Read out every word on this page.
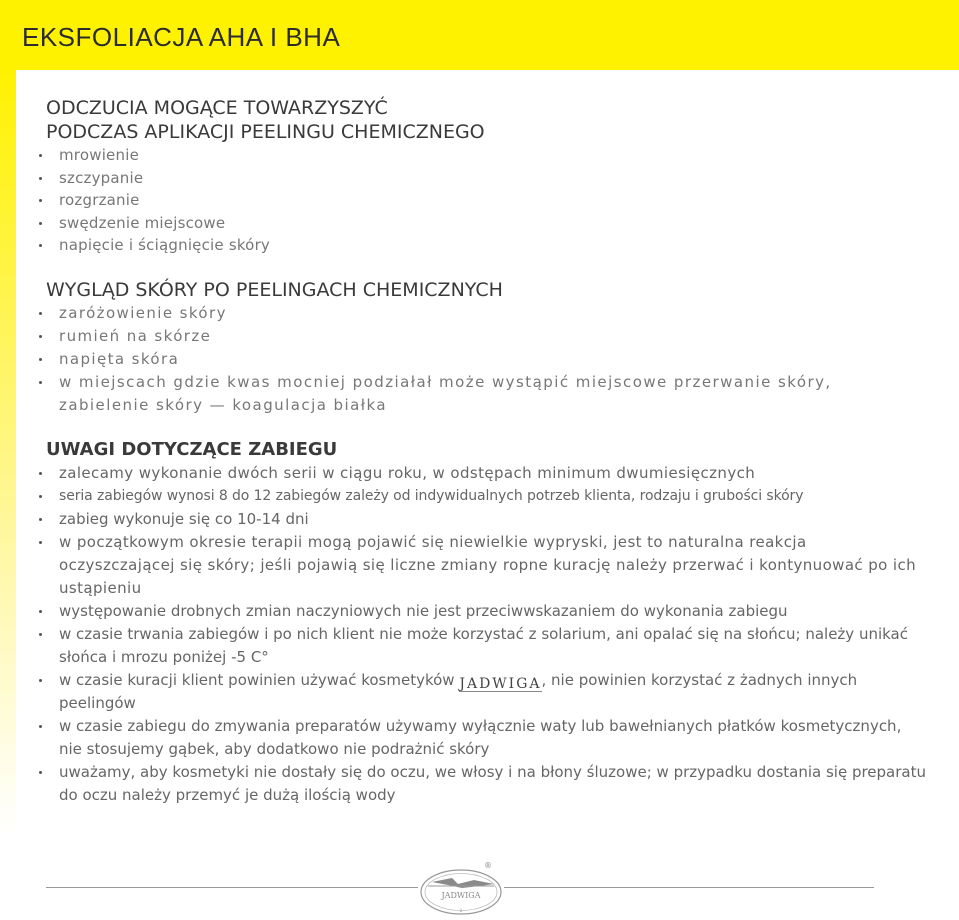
EKSFOLIACJA AHA I BHA
ODCZUCIA MOGĄCE TOWARZYSZYĆ
PODCZAS APLIKACJI PEELINGU CHEMICZNEGO
mrowienie
szczypanie
rozgrzanie
swędzenie miejscowe
napięcie i ściągnięcie skóry
WYGLĄD SKÓRY PO PEELINGACH CHEMICZNYCH
zaróżowienie skóry
rumień na skórze
napięta skóra
w miejscach gdzie kwas mocniej podziałał może wystąpić miejscowe przerwanie skóry, zabielenie skóry — koagulacja białka
UWAGI DOTYCZĄCE ZABIEGU
zalecamy wykonanie dwóch serii w ciągu roku, w odstępach minimum dwumiesięcznych
seria zabiegów wynosi 8 do 12 zabiegów zależy od indywidualnych potrzeb klienta, rodzaju i grubości skóry
zabieg wykonuje się co 10-14 dni
w początkowym okresie terapii mogą pojawić się niewielkie wypryski, jest to naturalna reakcja oczyszczającej się skóry; jeśli pojawią się liczne zmiany ropne kurację należy przerwać i kontynuować po ich ustąpieniu
występowanie drobnych zmian naczyniowych nie jest przeciwwskazaniem do wykonania zabiegu
w czasie trwania zabiegów i po nich klient nie może korzystać z solarium, ani opalać się na słońcu; należy unikać słońca i mrozu poniżej -5 C°
w czasie kuracji klient powinien używać kosmetyków JADWIGA, nie powinien korzystać z żadnych innych peelingów
w czasie zabiegu do zmywania preparatów używamy wyłącznie waty lub bawełnianych płatków kosmetycznych, nie stosujemy gąbek, aby dodatkowo nie podrażnić skóry
uważamy, aby kosmetyki nie dostały się do oczu, we włosy i na błony śluzowe; w przypadku dostania się preparatu do oczu należy przemyć je dużą ilością wody
2
JADWIGA
®
